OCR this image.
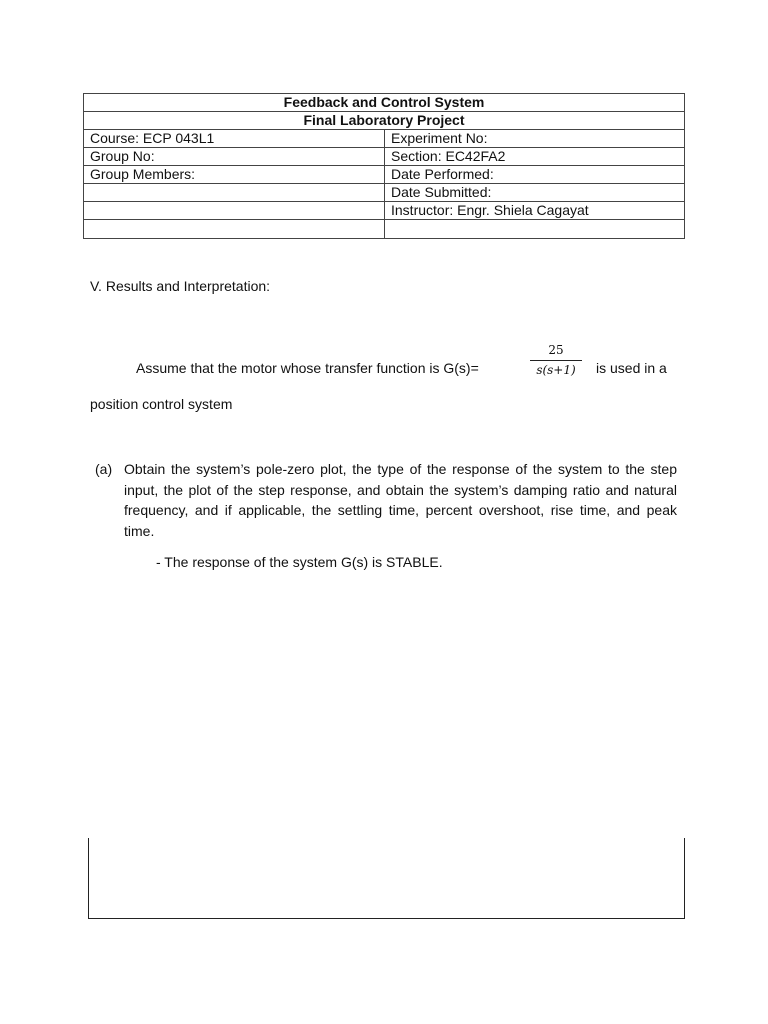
Feedback and Control System	
Final Laboratory Project	
Course: ECP 043L1	Experiment No:
Group No:	Section: EC42FA2
Group Members:	Date Performed:
	Date Submitted:
	Instructor: Engr. Shiela Cagayat

V. Results and Interpretation:
Assume that the motor whose transfer function is G(s)=
25
s(s+1)	is used in a
position control system
(a) Obtain the system’s pole-zero plot, the type of the response of the system to the step input, the plot of the step response, and obtain the system’s damping ratio and natural frequency, and if applicable, the settling time, percent overshoot, rise time, and peak time.
- The response of the system G(s) is STABLE.
